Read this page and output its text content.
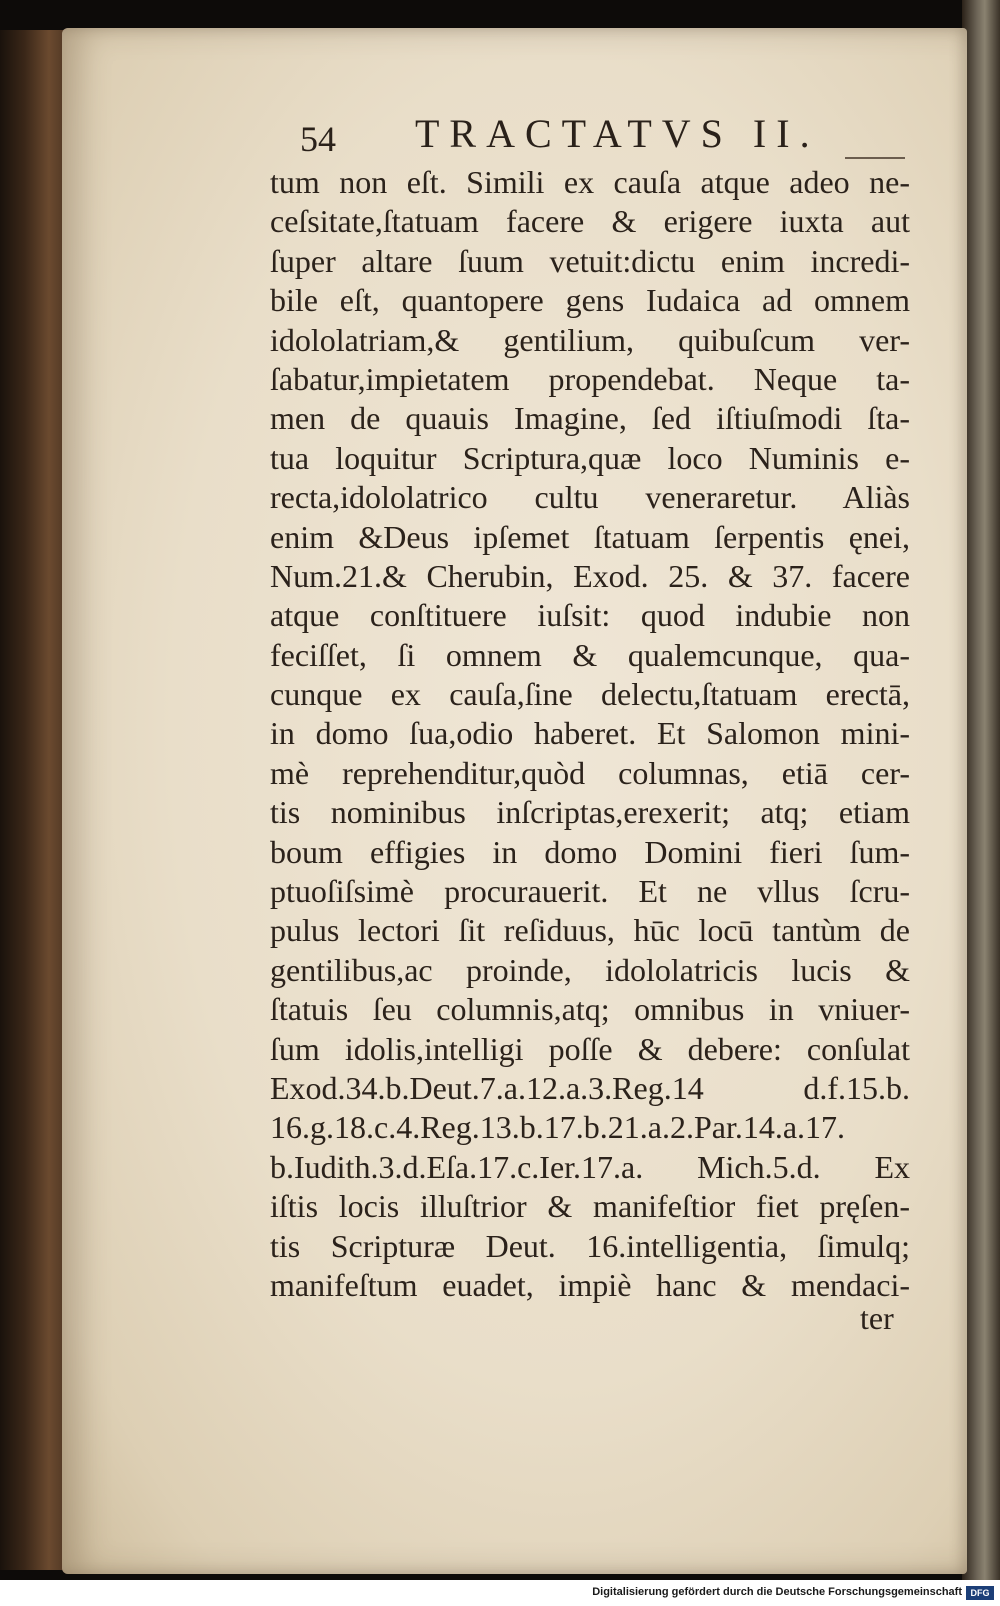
54 TRACTATVS II.
tum non eſt. Simili ex cauſa atque adeo ne-
ceſsitate,ſtatuam facere & erigere iuxta aut
ſuper altare ſuum vetuit:dictu enim incredi-
bile eſt, quantopere gens Iudaica ad omnem
idololatriam,& gentilium, quibuſcum ver-
ſabatur,impietatem propendebat. Neque ta-
men de quauis Imagine, ſed iſtiuſmodi ſta-
tua loquitur Scriptura,quæ loco Numinis e-
recta,idololatrico cultu veneraretur. Aliàs
enim &Deus ipſemet ſtatuam ſerpentis ęnei,
Num.21.& Cherubin, Exod. 25. & 37. facere
atque conſtituere iuſsit: quod indubie non
feciſſet, ſi omnem & qualemcunque, qua-
cunque ex cauſa,ſine delectu,ſtatuam erectā,
in domo ſua,odio haberet. Et Salomon mini-
mè reprehenditur,quòd columnas, etiā cer-
tis nominibus inſcriptas,erexerit; atq; etiam
boum effigies in domo Domini fieri ſum-
ptuoſiſsimè procurauerit. Et ne vllus ſcru-
pulus lectori ſit reſiduus, hūc locū tantùm de
gentilibus,ac proinde, idololatricis lucis &
ſtatuis ſeu columnis,atq; omnibus in vniuer-
ſum idolis,intelligi poſſe & debere: conſulat
Exod.34.b.Deut.7.a.12.a.3.Reg.14 d.f.15.b.
16.g.18.c.4.Reg.13.b.17.b.21.a.2.Par.14.a.17.
b.Iudith.3.d.Eſa.17.c.Ier.17.a. Mich.5.d. Ex
iſtis locis illuſtrior & manifeſtior fiet pręſen-
tis Scripturæ Deut. 16.intelligentia, ſimulq;
manifeſtum euadet, impiè hanc & mendaci-
ter
Digitalisierung gefördert durch die Deutsche Forschungsgemeinschaft DFG
